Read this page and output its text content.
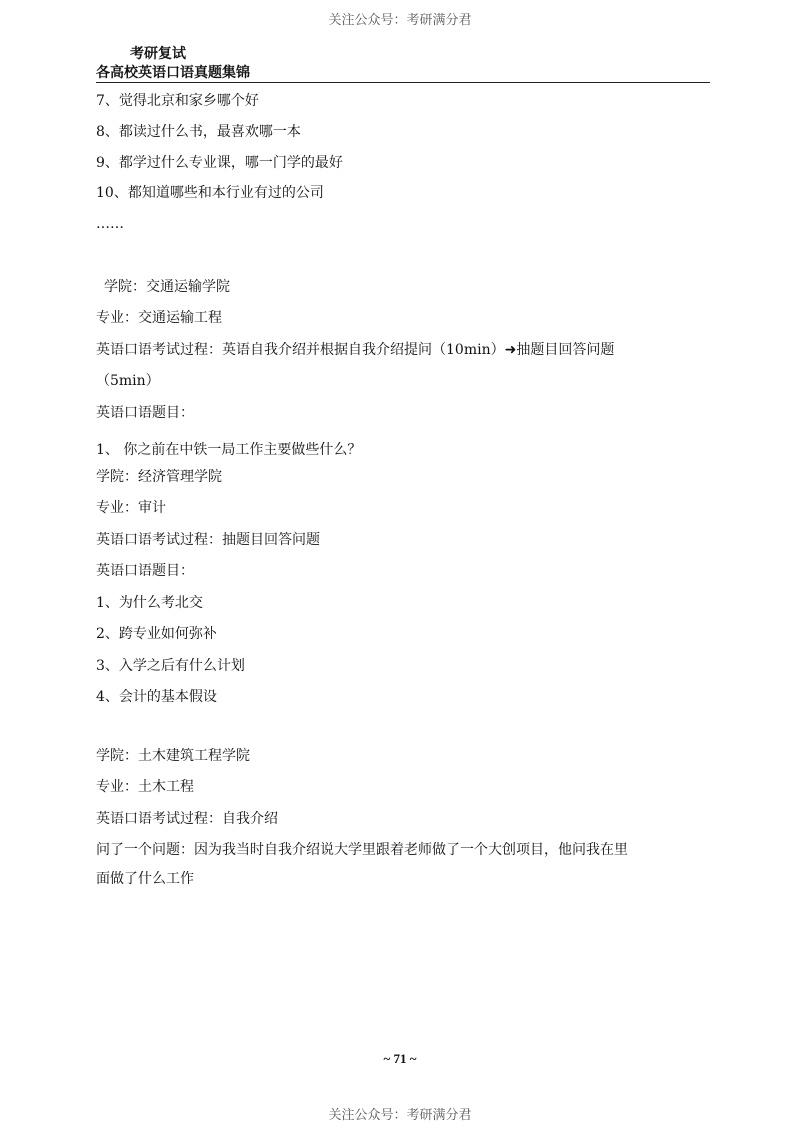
关注公众号：考研满分君
考研复试
各高校英语口语真题集锦
7、觉得北京和家乡哪个好
8、都读过什么书，最喜欢哪一本
9、都学过什么专业课，哪一门学的最好
10、都知道哪些和本行业有过的公司
……
学院：交通运输学院
专业：交通运输工程
英语口语考试过程：英语自我介绍并根据自我介绍提问（10min）➜抽题目回答问题
（5min）
英语口语题目：
1、 你之前在中铁一局工作主要做些什么？
学院：经济管理学院
专业：审计
英语口语考试过程：抽题目回答问题
英语口语题目：
1、为什么考北交
2、跨专业如何弥补
3、入学之后有什么计划
4、会计的基本假设
学院：土木建筑工程学院
专业：土木工程
英语口语考试过程：自我介绍
问了一个问题：因为我当时自我介绍说大学里跟着老师做了一个大创项目，他问我在里
面做了什么工作
~ 71 ~
关注公众号：考研满分君
